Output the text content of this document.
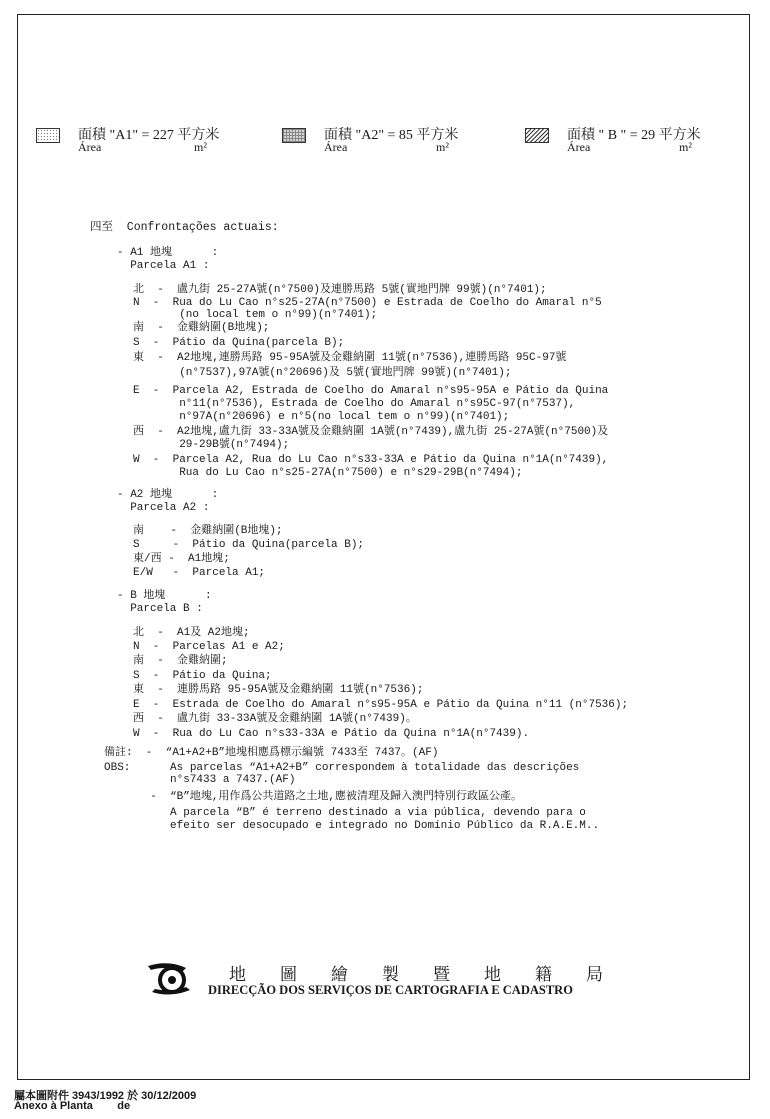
面積 "A1" = 227 平方米
Área	m²
面積 "A2" = 85 平方米
Área	m²
面積 " B " = 29 平方米
Área	m²
四至  Confrontações actuais:
- A1 地塊      :
Parcela A1 :
北  -  盧九街 25-27A號(n°7500)及連勝馬路 5號(實地門牌 99號)(n°7401);
N  -  Rua do Lu Cao n°s25-27A(n°7500) e Estrada de Coelho do Amaral n°5
(no local tem o n°99)(n°7401);
南  -  金雞納圍(B地塊);
S  -  Pátio da Quina(parcela B);
東  -  A2地塊,連勝馬路 95-95A號及金雞納圍 11號(n°7536),連勝馬路 95C-97號
(n°7537),97A號(n°20696)及 5號(實地門牌 99號)(n°7401);
E  -  Parcela A2, Estrada de Coelho do Amaral n°s95-95A e Pátio da Quina
n°11(n°7536), Estrada de Coelho do Amaral n°s95C-97(n°7537),
n°97A(n°20696) e n°5(no local tem o n°99)(n°7401);
西  -  A2地塊,盧九街 33-33A號及金雞納圍 1A號(n°7439),盧九街 25-27A號(n°7500)及
29-29B號(n°7494);
W  -  Parcela A2, Rua do Lu Cao n°s33-33A e Pátio da Quina n°1A(n°7439),
Rua do Lu Cao n°s25-27A(n°7500) e n°s29-29B(n°7494);
- A2 地塊      :
Parcela A2 :
南    -  金雞納圍(B地塊);
S     -  Pátio da Quina(parcela B);
東/西 -  A1地塊;
E/W   -  Parcela A1;
- B 地塊      :
Parcela B :
北  -  A1及 A2地塊;
N  -  Parcelas A1 e A2;
南  -  金雞納圍;
S  -  Pátio da Quina;
東  -  連勝馬路 95-95A號及金雞納圍 11號(n°7536);
E  -  Estrada de Coelho do Amaral n°s95-95A e Pátio da Quina n°11 (n°7536);
西  -  盧九街 33-33A號及金雞納圍 1A號(n°7439)。
W  -  Rua do Lu Cao n°s33-33A e Pátio da Quina n°1A(n°7439).
備註:  -  “A1+A2+B”地塊相應爲標示編號 7433至 7437。(AF)
OBS:      As parcelas “A1+A2+B” correspondem à totalidade das descrições
n°s7433 a 7437.(AF)
-  “B”地塊,用作爲公共道路之土地,應被清理及歸入澳門特別行政區公產。
A parcela “B” é terreno destinado a via pública, devendo para o
efeito ser desocupado e integrado no Domínio Público da R.A.E.M..
地圖繪製暨地籍局
DIRECÇÃO DOS SERVIÇOS DE CARTOGRAFIA E CADASTRO
屬本圖附件 3943/1992 於 30/12/2009
Anexo à Planta        de
